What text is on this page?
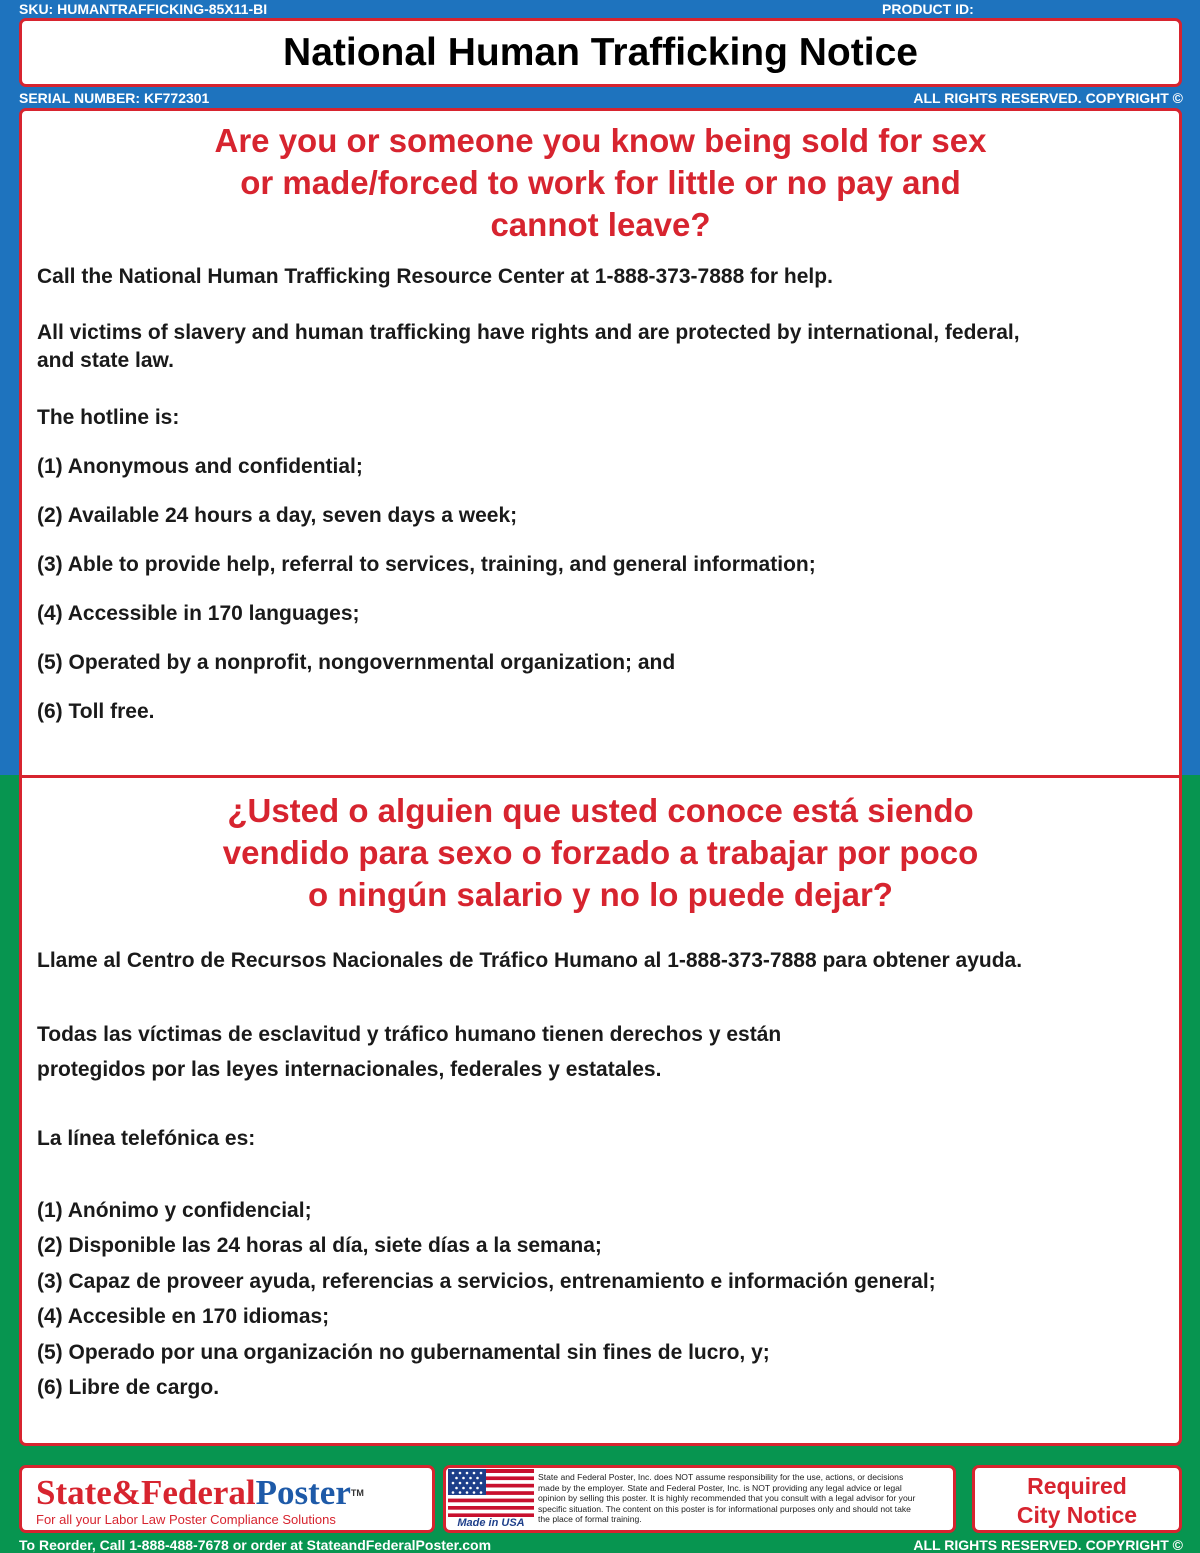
SKU: HUMANTRAFFICKING-85X11-BI	PRODUCT ID:
National Human Trafficking Notice
SERIAL NUMBER: KF772301	ALL RIGHTS RESERVED. COPYRIGHT ©
Are you or someone you know being sold for sex
or made/forced to work for little or no pay and
cannot leave?

Call the National Human Trafficking Resource Center at 1-888-373-7888 for help.

All victims of slavery and human trafficking have rights and are protected by international, federal,
and state law.

The hotline is:

(1) Anonymous and confidential;

(2) Available 24 hours a day, seven days a week;

(3) Able to provide help, referral to services, training, and general information;

(4) Accessible in 170 languages;

(5) Operated by a nonprofit, nongovernmental organization; and

(6) Toll free.

¿Usted o alguien que usted conoce está siendo
vendido para sexo o forzado a trabajar por poco
o ningún salario y no lo puede dejar?

Llame al Centro de Recursos Nacionales de Tráfico Humano al 1-888-373-7888 para obtener ayuda.

Todas las víctimas de esclavitud y tráfico humano tienen derechos y están
protegidos por las leyes internacionales, federales y estatales.

La línea telefónica es:

(1) Anónimo y confidencial;
(2) Disponible las 24 horas al día, siete días a la semana;
(3) Capaz de proveer ayuda, referencias a servicios, entrenamiento e información general;
(4) Accesible en 170 idiomas;
(5) Operado por una organización no gubernamental sin fines de lucro, y;
(6) Libre de cargo.
State&FederalPoster™
For all your Labor Law Poster Compliance Solutions	Made in USA
State and Federal Poster, Inc. does NOT assume responsibility for the use, actions, or decisions made by the employer. State and Federal Poster, Inc. is NOT providing any legal advice or legal opinion by selling this poster. It is highly recommended that you consult with a legal advisor for your specific situation. The content on this poster is for informational purposes only and should not take the place of formal training.
Required
City Notice
To Reorder, Call 1-888-488-7678 or order at StateandFederalPoster.com	ALL RIGHTS RESERVED. COPYRIGHT ©
